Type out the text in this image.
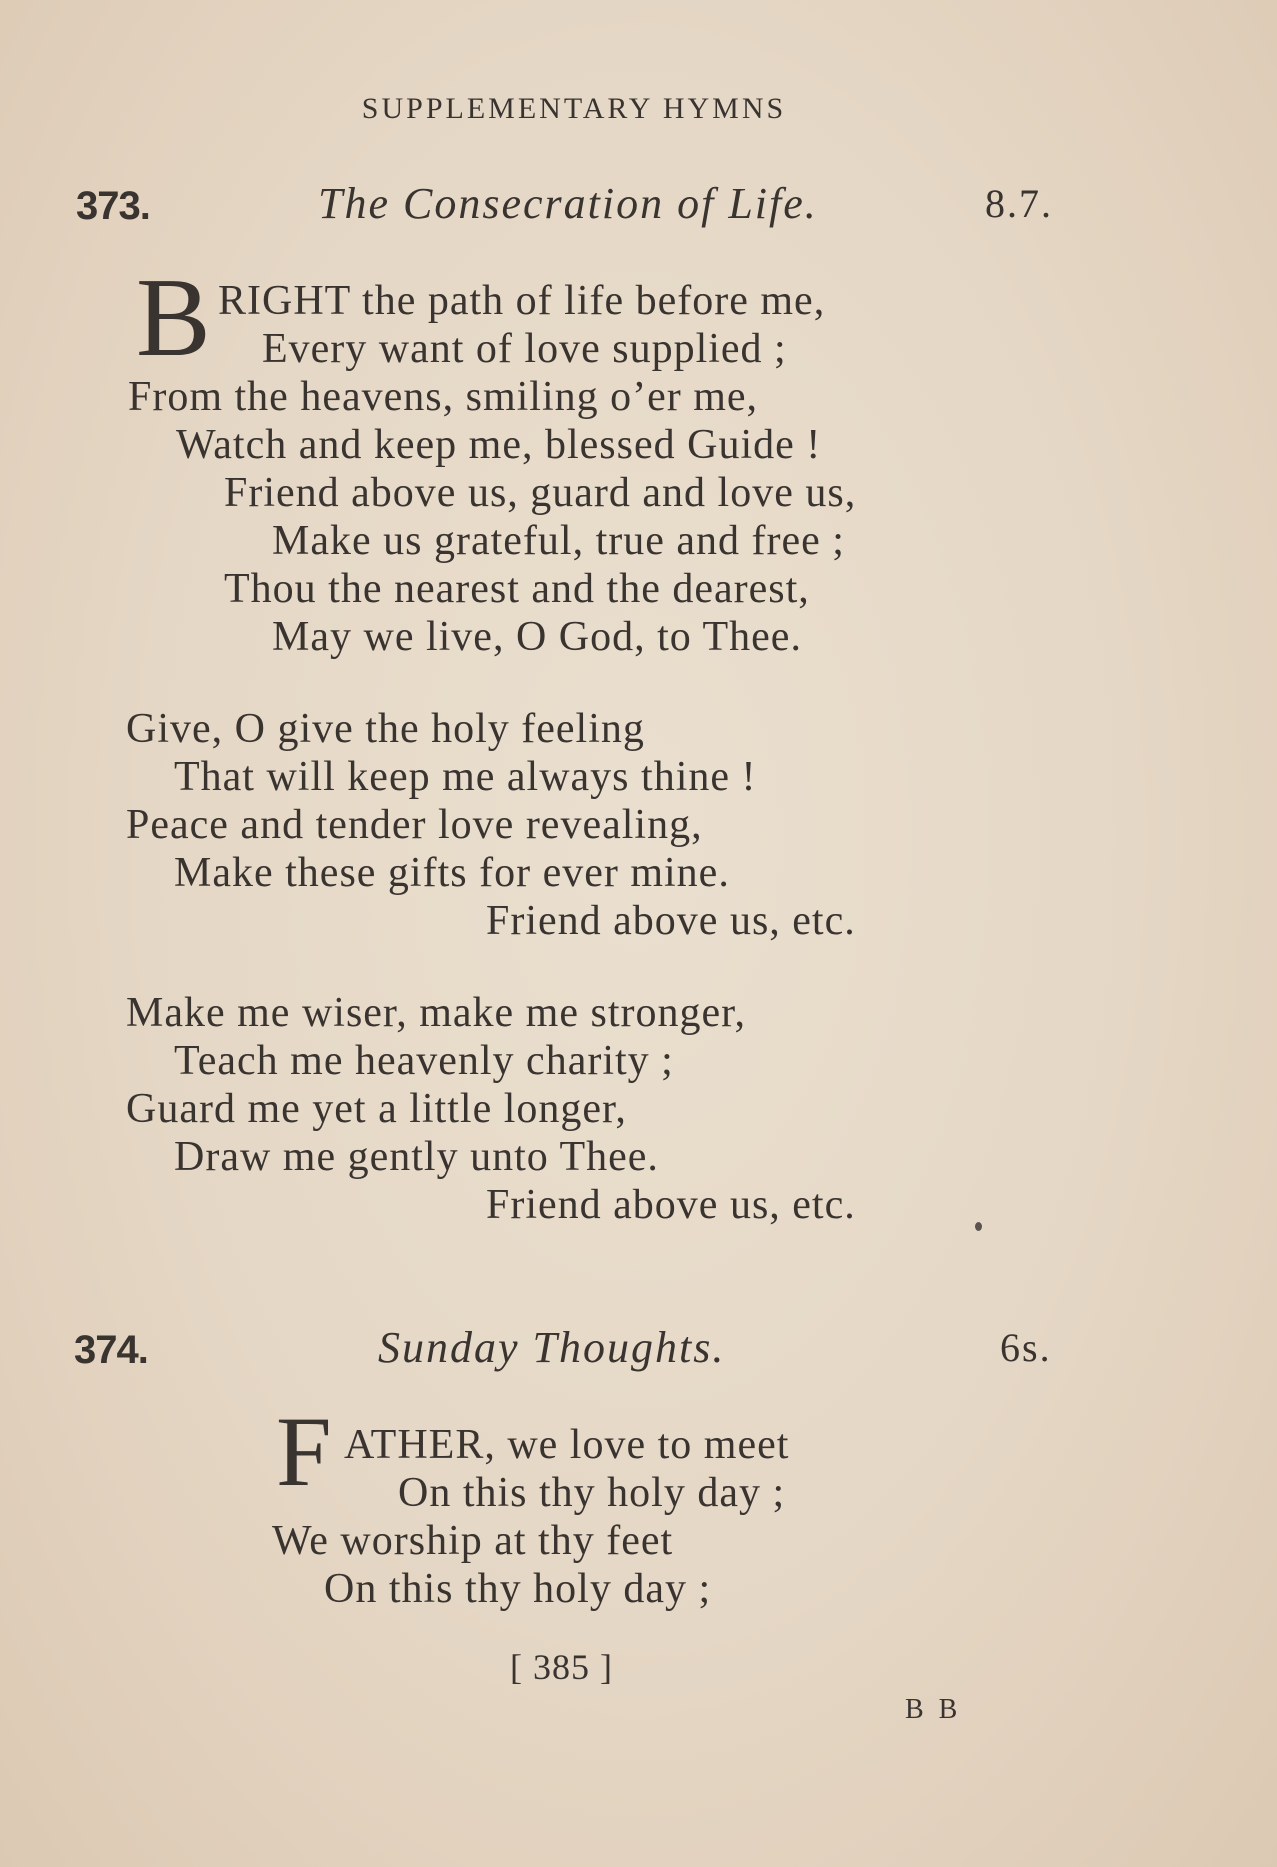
SUPPLEMENTARY HYMNS
373.	The Consecration of Life.	8.7.
B RIGHT the path of life before me,
Every want of love supplied ;
From the heavens, smiling o’er me,
Watch and keep me, blessed Guide !
Friend above us, guard and love us,
Make us grateful, true and free ;
Thou the nearest and the dearest,
May we live, O God, to Thee.
Give, O give the holy feeling
That will keep me always thine !
Peace and tender love revealing,
Make these gifts for ever mine.
Friend above us, etc.
Make me wiser, make me stronger,
Teach me heavenly charity ;
Guard me yet a little longer,
Draw me gently unto Thee.
Friend above us, etc.
374.	Sunday Thoughts.	6s.
F ATHER, we love to meet
On this thy holy day ;
We worship at thy feet
On this thy holy day ;
[ 385 ]
B B
